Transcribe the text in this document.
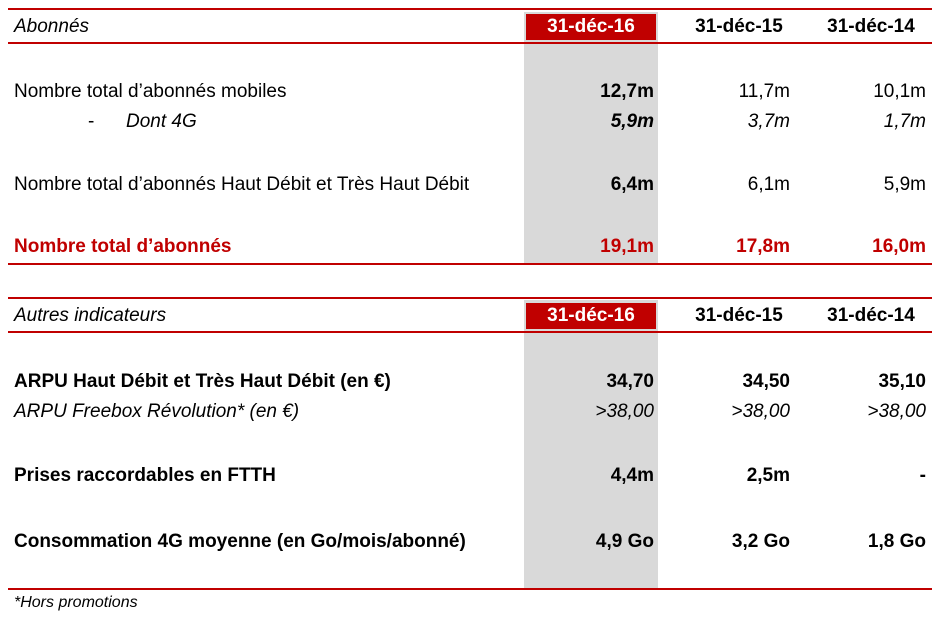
Abonnés	31-déc-16	31-déc-15	31-déc-14
Nombre total d’abonnés mobiles	12,7m	11,7m	10,1m
- Dont 4G	5,9m	3,7m	1,7m
Nombre total d’abonnés Haut Débit et Très Haut Débit	6,4m	6,1m	5,9m
Nombre total d’abonnés	19,1m	17,8m	16,0m
Autres indicateurs	31-déc-16	31-déc-15	31-déc-14
ARPU Haut Débit et Très Haut Débit (en €)	34,70	34,50	35,10
ARPU Freebox Révolution* (en €)	>38,00	>38,00	>38,00
Prises raccordables en FTTH	4,4m	2,5m	-
Consommation 4G moyenne (en Go/mois/abonné)	4,9 Go	3,2 Go	1,8 Go
*Hors promotions
